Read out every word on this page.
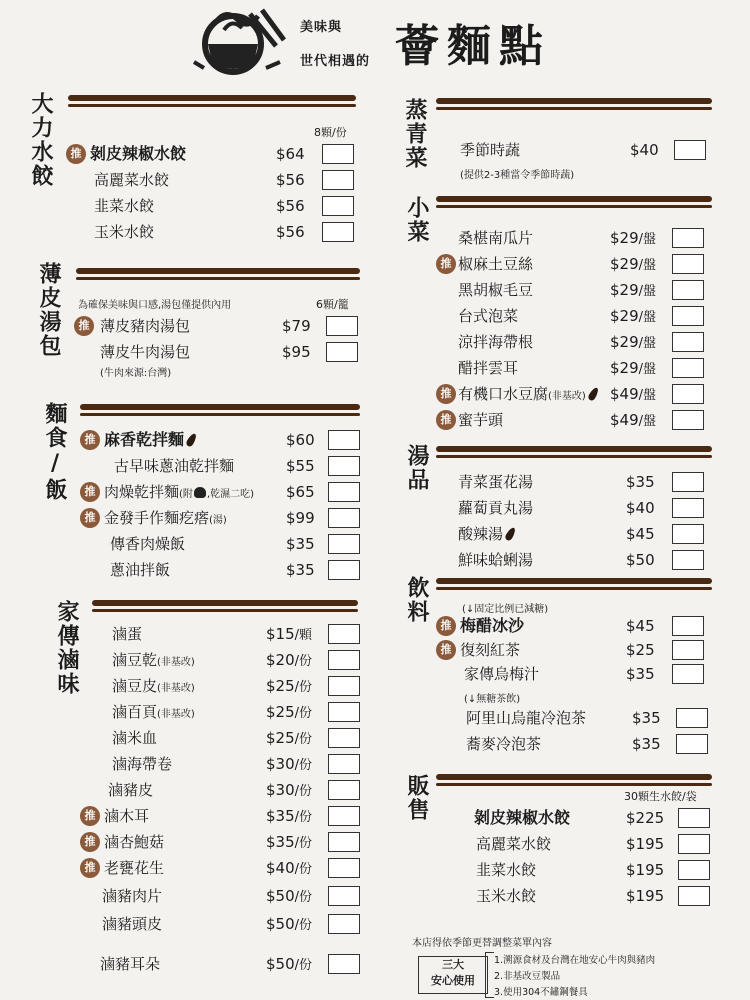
美味與
世代相遇的 薈麵點
大力水餃	8顆/份
推 剝皮辣椒水餃	$64
高麗菜水餃	$56
韭菜水餃	$56
玉米水餃	$56
薄皮湯包 為確保美味與口感,湯包僅提供內用	6顆/籠
推 薄皮豬肉湯包	$79
薄皮牛肉湯包	$95
(牛肉來源:台灣)
麵食/飯	推 麻香乾拌麵	$60
古早味蔥油乾拌麵	$55
推 肉燥乾拌麵(附 ,乾濕二吃) $65
推 金發手作麵疙瘩(湯)	$99
傳香肉燥飯	$35
蔥油拌飯	$35
家傳滷味 滷蛋	$15/顆
滷豆乾(非基改)	$20/份
滷豆皮(非基改)	$25/份
滷百頁(非基改)	$25/份
滷米血	$25/份
滷海帶卷	$30/份
滷豬皮	$30/份
推 滷木耳	$35/份
推 滷杏鮑菇	$35/份
推 老甕花生	$40/份
滷豬肉片	$50/份
滷豬頭皮	$50/份
滷豬耳朵	$50/份
蒸青菜 季節時蔬	$40
(提供2-3種當令季節時蔬)
小菜 桑椹南瓜片	$29/盤
推 椒麻土豆絲	$29/盤
黑胡椒毛豆	$29/盤
台式泡菜	$29/盤
涼拌海帶根	$29/盤
醋拌雲耳	$29/盤
推 有機口水豆腐(非基改)	$49/盤
推 蜜芋頭	$49/盤
湯品 青菜蛋花湯	$35
蘿蔔貢丸湯	$40
酸辣湯	$45
鮮味蛤蜊湯	$50
飲料	(↓固定比例已減糖)
推 梅醋冰沙	$45
推 復刻紅茶	$25
家傳烏梅汁	$35
(↓無糖茶飲)
阿里山烏龍冷泡茶	$35
蕎麥冷泡茶	$35
販售	30顆生水餃/袋
剝皮辣椒水餃	$225
高麗菜水餃	$195
韭菜水餃	$195
玉米水餃	$195
本店得依季節更替調整菜單內容
三大
安心使用
1.溯源食材及台灣在地安心牛肉與豬肉
2.非基改豆製品
3.使用304不鏽鋼餐具
